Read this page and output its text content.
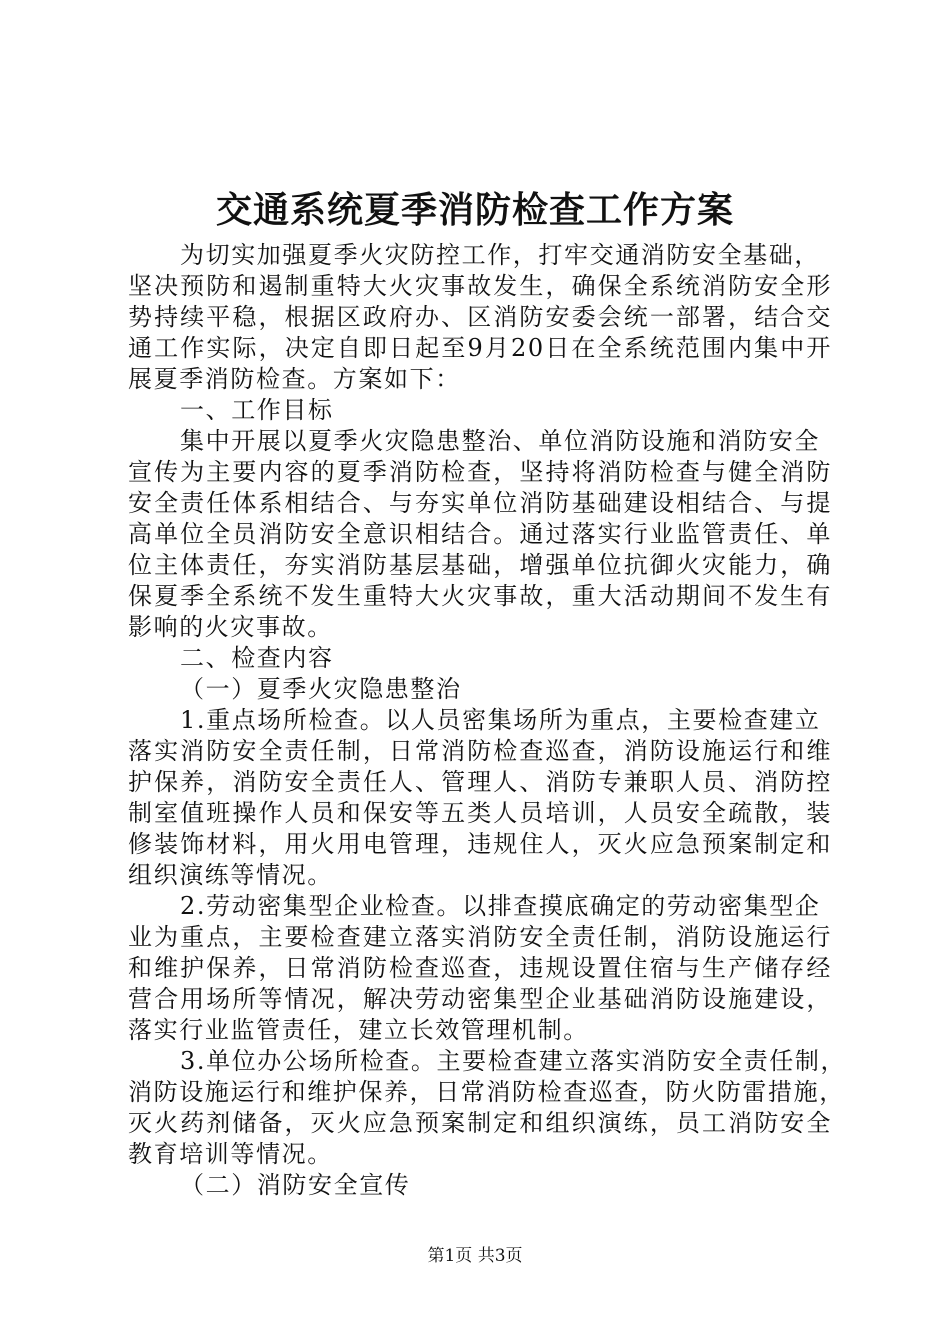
交通系统夏季消防检查工作方案
为切实加强夏季火灾防控工作，打牢交通消防安全基础，
坚决预防和遏制重特大火灾事故发生，确保全系统消防安全形
势持续平稳，根据区政府办、区消防安委会统一部署，结合交
通工作实际，决定自即日起至9月20日在全系统范围内集中开
展夏季消防检查。方案如下：
一、工作目标
集中开展以夏季火灾隐患整治、单位消防设施和消防安全
宣传为主要内容的夏季消防检查，坚持将消防检查与健全消防
安全责任体系相结合、与夯实单位消防基础建设相结合、与提
高单位全员消防安全意识相结合。通过落实行业监管责任、单
位主体责任，夯实消防基层基础，增强单位抗御火灾能力，确
保夏季全系统不发生重特大火灾事故，重大活动期间不发生有
影响的火灾事故。
二、检查内容
（一）夏季火灾隐患整治
1.重点场所检查。以人员密集场所为重点，主要检查建立
落实消防安全责任制，日常消防检查巡查，消防设施运行和维
护保养，消防安全责任人、管理人、消防专兼职人员、消防控
制室值班操作人员和保安等五类人员培训，人员安全疏散，装
修装饰材料，用火用电管理，违规住人，灭火应急预案制定和
组织演练等情况。
2.劳动密集型企业检查。以排查摸底确定的劳动密集型企
业为重点，主要检查建立落实消防安全责任制，消防设施运行
和维护保养，日常消防检查巡查，违规设置住宿与生产储存经
营合用场所等情况，解决劳动密集型企业基础消防设施建设，
落实行业监管责任，建立长效管理机制。
3.单位办公场所检查。主要检查建立落实消防安全责任制，
消防设施运行和维护保养，日常消防检查巡查，防火防雷措施，
灭火药剂储备，灭火应急预案制定和组织演练，员工消防安全
教育培训等情况。
（二）消防安全宣传
第1页 共3页
